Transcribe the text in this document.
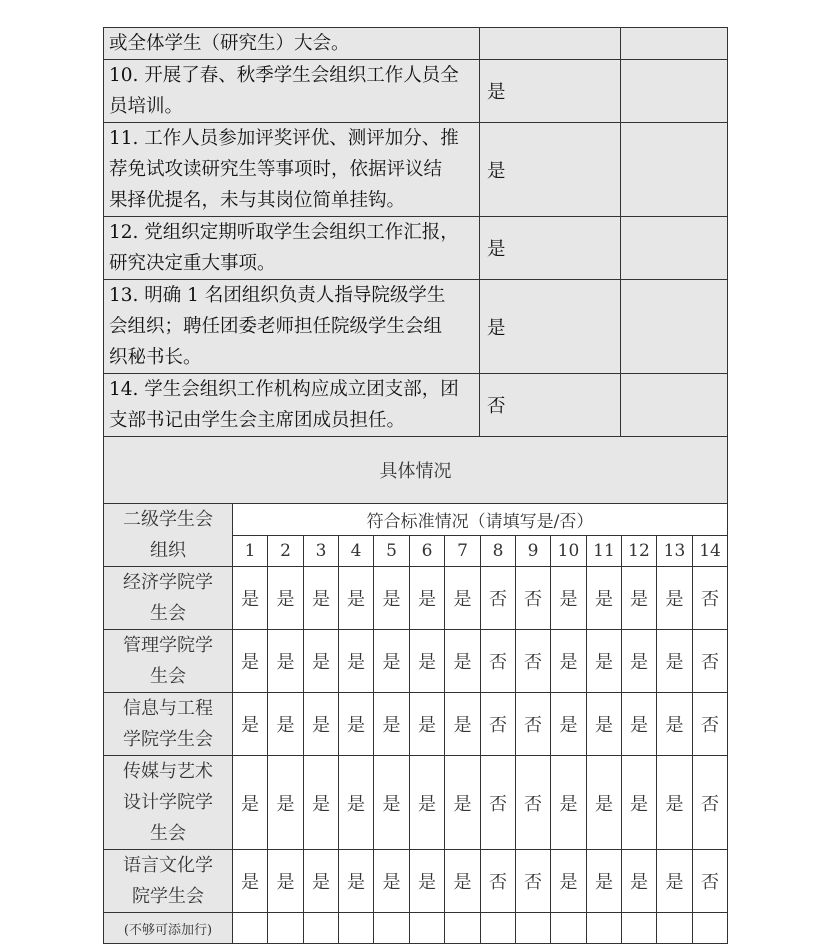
或全体学生（研究生）大会。		

10. 开展了春、秋季学生会组织工作人员全
员培训。	是	

11. 工作人员参加评奖评优、测评加分、推
荐免试攻读研究生等事项时，依据评议结
果择优提名，未与其岗位简单挂钩。	是	

12. 党组织定期听取学生会组织工作汇报，
研究决定重大事项。	是	

13. 明确 1 名团组织负责人指导院级学生
会组织；聘任团委老师担任院级学生会组
织秘书长。	是	

14. 学生会组织工作机构应成立团支部，团
支部书记由学生会主席团成员担任。	否	
具体情况		
二级学生会
组织	符合标准情况（请填写是/否）													
	1	2	3	4	5	6	7	8	9	10	11	12	13	14

经济学院学
生会	是	是	是	是	是	是	是	否	否	是	是	是	是	否

管理学院学
生会	是	是	是	是	是	是	是	否	否	是	是	是	是	否

信息与工程
学院学生会	是	是	是	是	是	是	是	否	否	是	是	是	是	否

传媒与艺术
设计学院学
生会	是	是	是	是	是	是	是	否	否	是	是	是	是	否

语言文化学
院学生会	是	是	是	是	是	是	是	否	否	是	是	是	是	否
(不够可添加行)														
